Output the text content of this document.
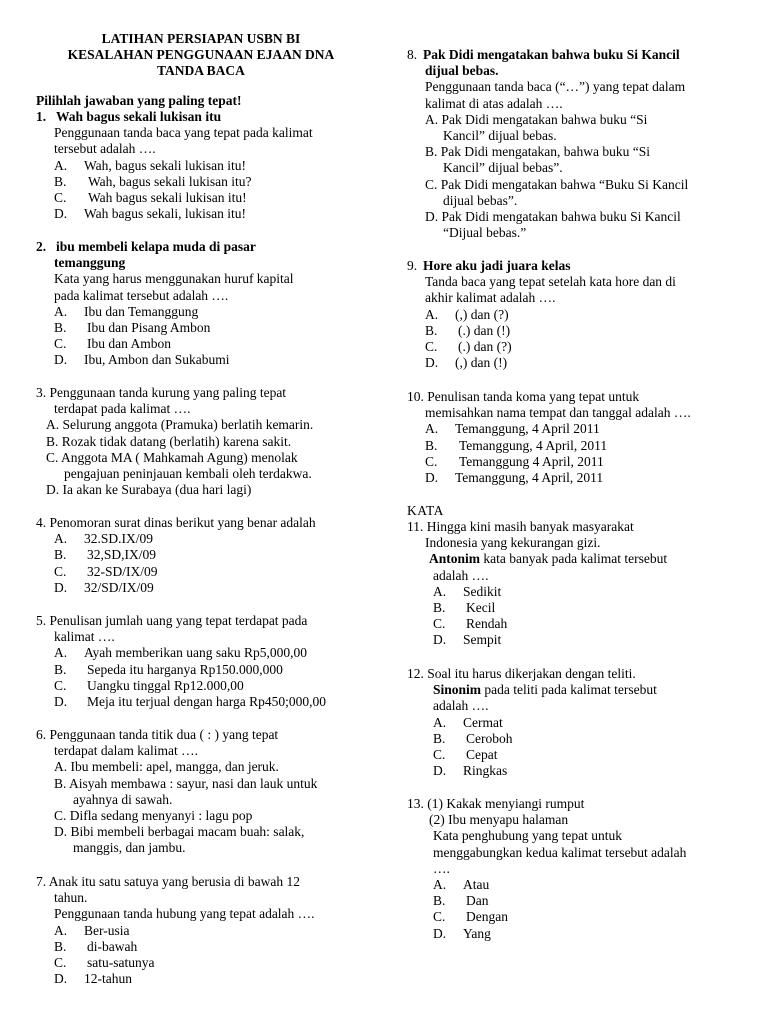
LATIHAN PERSIAPAN USBN BI

KESALAHAN PENGGUNAAN EJAAN DNA

TANDA BACA

Pilihlah jawaban yang paling tepat!

1. Wah bagus sekali lukisan itu
Penggunaan tanda baca yang tepat pada kalimat
tersebut adalah ….
A.	Wah, bagus sekali lukisan itu!
B.	Wah, bagus sekali lukisan itu?
C.	Wah bagus sekali lukisan itu!
D.	Wah bagus sekali, lukisan itu!
2. ibu membeli kelapa muda di pasar
temanggung
Kata yang harus menggunakan huruf kapital
pada kalimat tersebut adalah ….
A.	Ibu dan Temanggung
B.	Ibu dan Pisang Ambon
C.	Ibu dan Ambon
D.	Ibu, Ambon dan Sukabumi
3. Penggunaan tanda kurung yang paling tepat
terdapat pada kalimat ….
A. Selurung anggota (Pramuka) berlatih kemarin.
B. Rozak tidak datang (berlatih) karena sakit.
C. Anggota MA ( Mahkamah Agung) menolak
pengajuan peninjauan kembali oleh terdakwa.
D. Ia akan ke Surabaya (dua hari lagi)
4. Penomoran surat dinas berikut yang benar adalah
A.	32.SD.IX/09
B.	32,SD,IX/09
C.	32-SD/IX/09
D.	32/SD/IX/09
5. Penulisan jumlah uang yang tepat terdapat pada
kalimat ….
A.	Ayah memberikan uang saku Rp5,000,00
B.	Sepeda itu harganya Rp150.000,000
C.	Uangku tinggal Rp12.000,00
D.	Meja itu terjual dengan harga Rp450;000,00
6. Penggunaan tanda titik dua ( : ) yang tepat
terdapat dalam kalimat ….
A. Ibu membeli: apel, mangga, dan jeruk.
B. Aisyah membawa : sayur, nasi dan lauk untuk
ayahnya di sawah.
C. Difla sedang menyanyi : lagu pop
D. Bibi membeli berbagai macam buah: salak,
manggis, dan jambu.
7. Anak itu satu satuya yang berusia di bawah 12
tahun.
Penggunaan tanda hubung yang tepat adalah ….
A.	Ber-usia
B.	di-bawah
C.	satu-satunya
D.	12-tahun
8. Pak Didi mengatakan bahwa buku Si Kancil
dijual bebas.
Penggunaan tanda baca (“…”) yang tepat dalam
kalimat di atas adalah ….
A. Pak Didi mengatakan bahwa buku “Si
Kancil” dijual bebas.
B. Pak Didi mengatakan, bahwa buku “Si
Kancil” dijual bebas”.
C. Pak Didi mengatakan bahwa “Buku Si Kancil
dijual bebas”.
D. Pak Didi mengatakan bahwa buku Si Kancil
“Dijual bebas.”
9. Hore aku jadi juara kelas
Tanda baca yang tepat setelah kata hore dan di
akhir kalimat adalah ….
A.	(,) dan (?)
B.	(.) dan (!)
C.	(.) dan (?)
D.	(,) dan (!)
10. Penulisan tanda koma yang tepat untuk
memisahkan nama tempat dan tanggal adalah ….
A.	Temanggung, 4 April 2011
B.	Temanggung, 4 April, 2011
C.	Temanggung 4 April, 2011
D.	Temanggung, 4 April, 2011
KATA
11. Hingga kini masih banyak masyarakat
Indonesia yang kekurangan gizi.
Antonim kata banyak pada kalimat tersebut
adalah ….
A.	Sedikit
B.	Kecil
C.	Rendah
D.	Sempit
12. Soal itu harus dikerjakan dengan teliti.
Sinonim pada teliti pada kalimat tersebut
adalah ….
A.	Cermat
B.	Ceroboh
C.	Cepat
D.	Ringkas
13. (1) Kakak menyiangi rumput
(2) Ibu menyapu halaman
Kata penghubung yang tepat untuk
menggabungkan kedua kalimat tersebut adalah
….
A.	Atau
B.	Dan
C.	Dengan
D.	Yang
